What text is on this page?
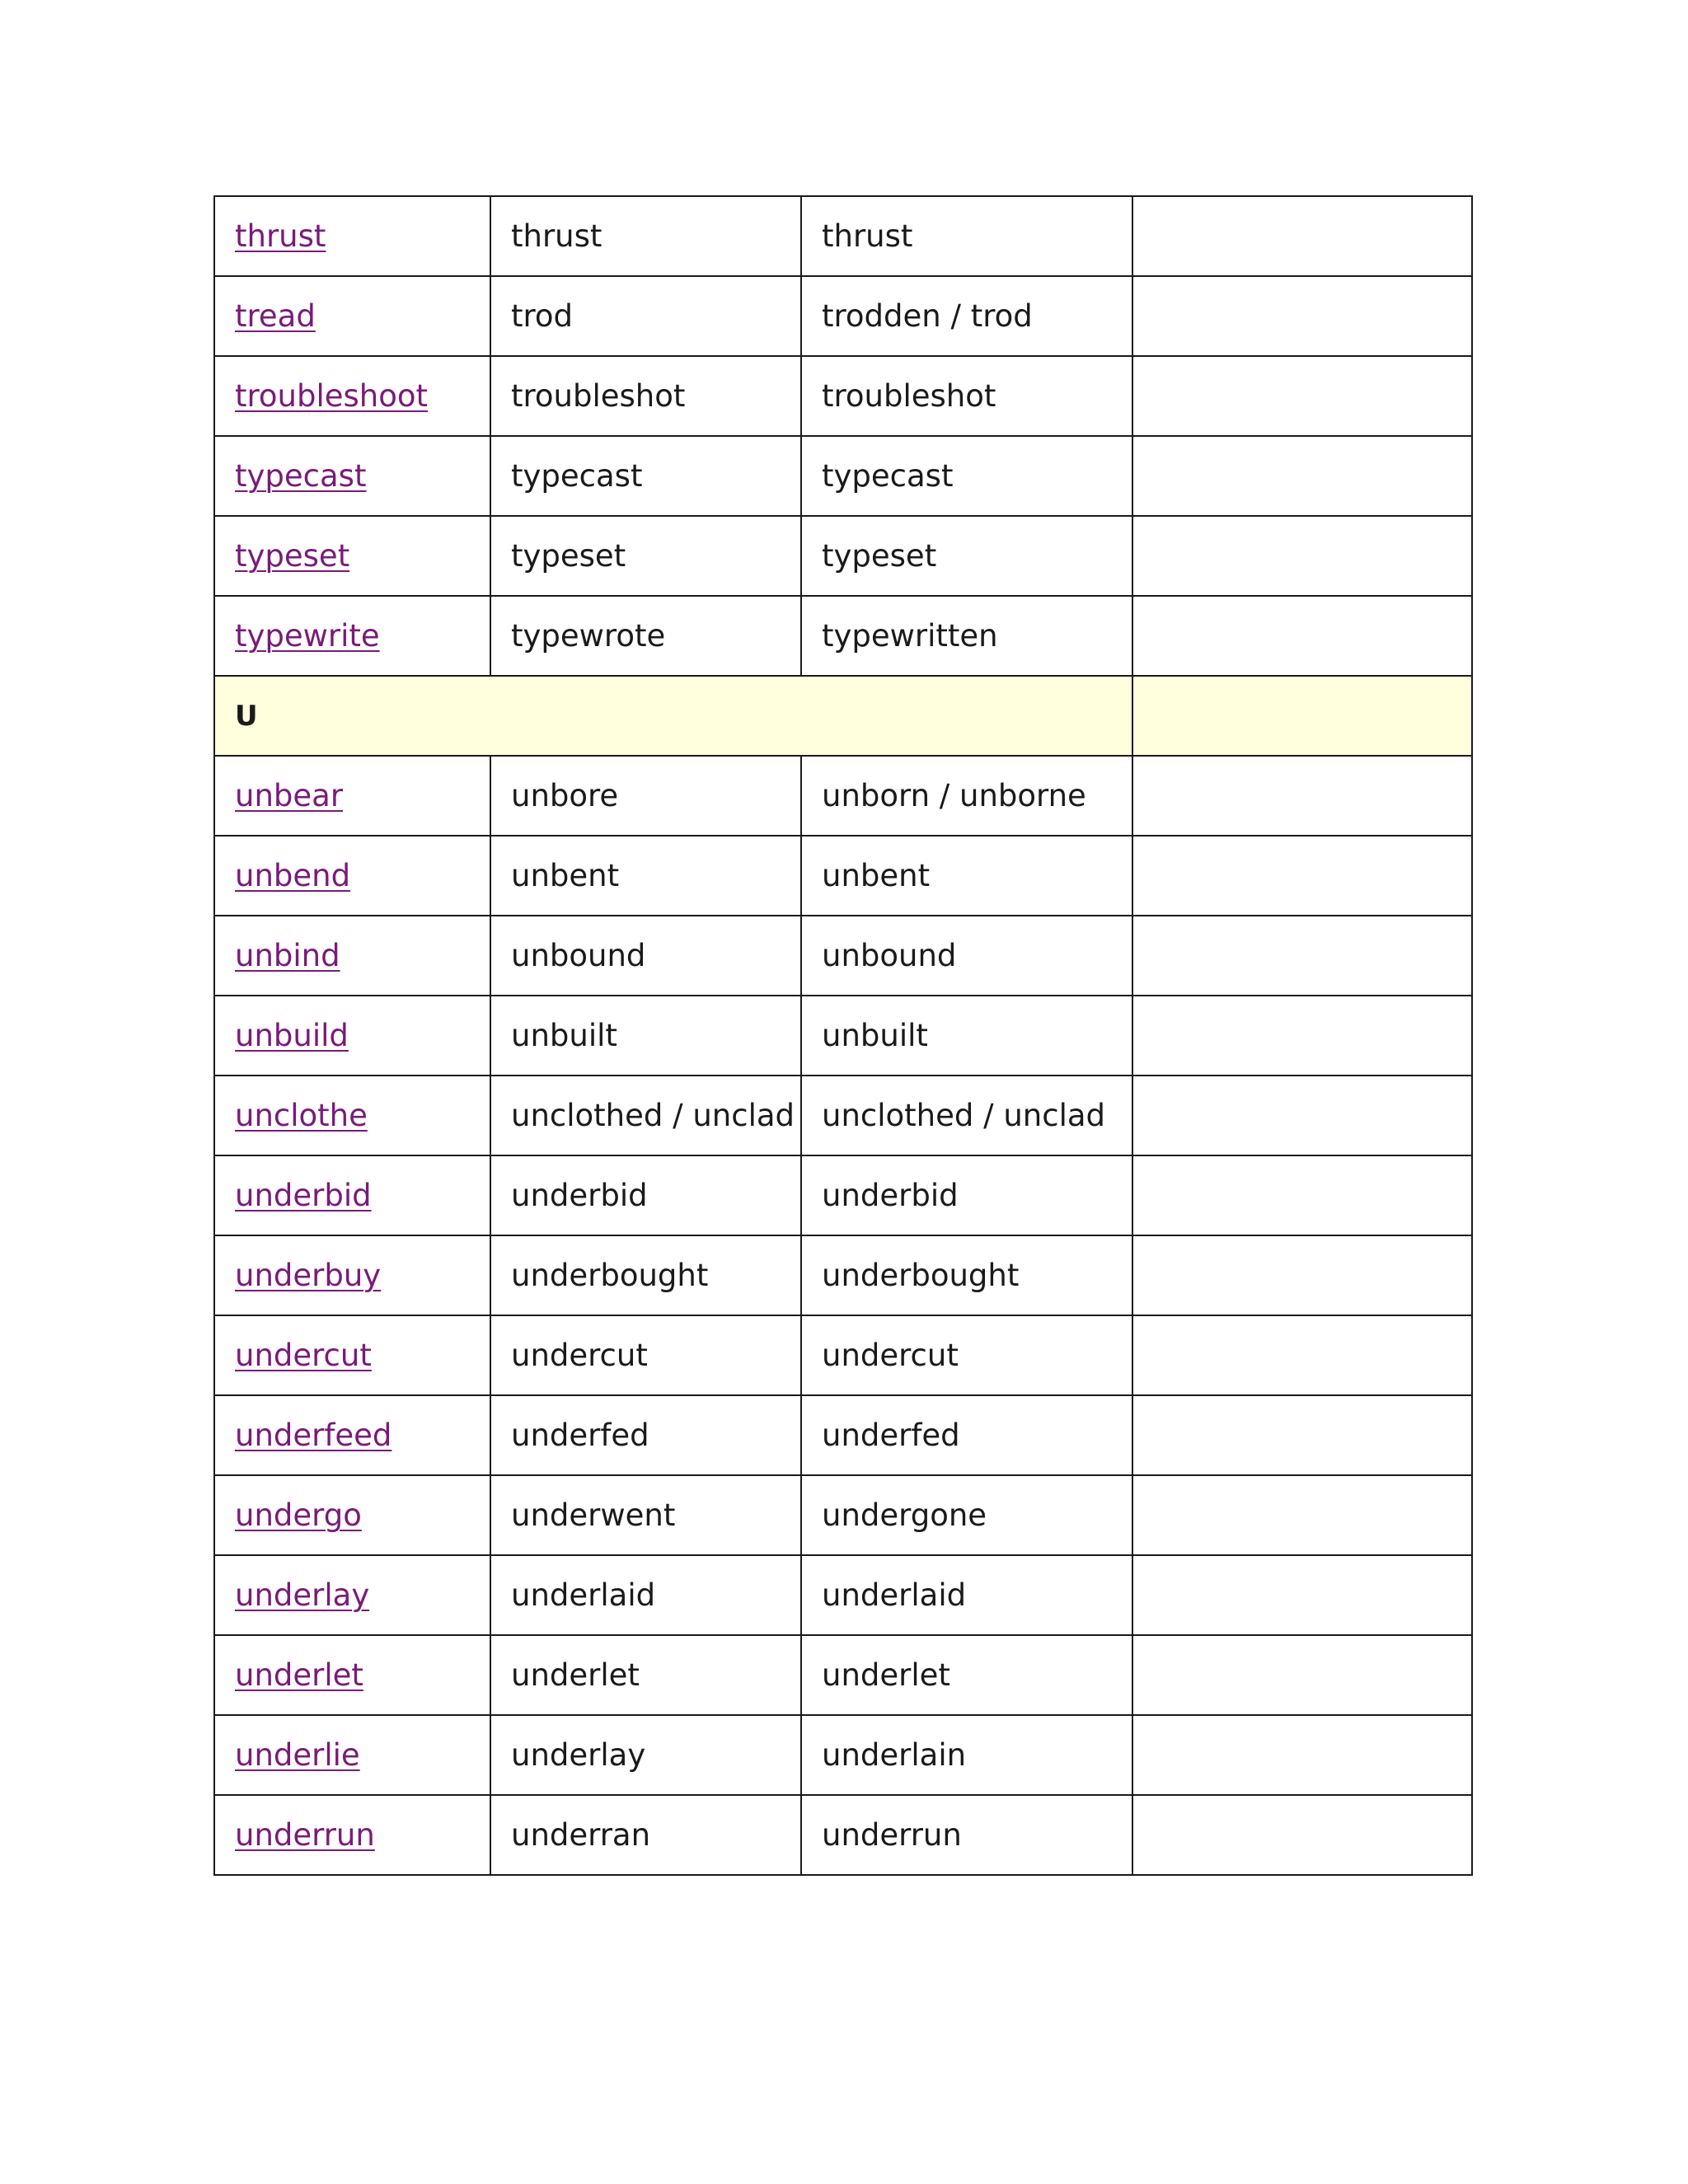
thrust	thrust	thrust	
tread	trod	trodden / trod	
troubleshoot	troubleshot	troubleshot	
typecast	typecast	typecast	
typeset	typeset	typeset	
typewrite	typewrote	typewritten	
U			
unbear	unbore	unborn / unborne	
unbend	unbent	unbent	
unbind	unbound	unbound	
unbuild	unbuilt	unbuilt	
unclothe	unclothed / unclad	unclothed / unclad	
underbid	underbid	underbid	
underbuy	underbought	underbought	
undercut	undercut	undercut	
underfeed	underfed	underfed	
undergo	underwent	undergone	
underlay	underlaid	underlaid	
underlet	underlet	underlet	
underlie	underlay	underlain	
underrun	underran	underrun	
